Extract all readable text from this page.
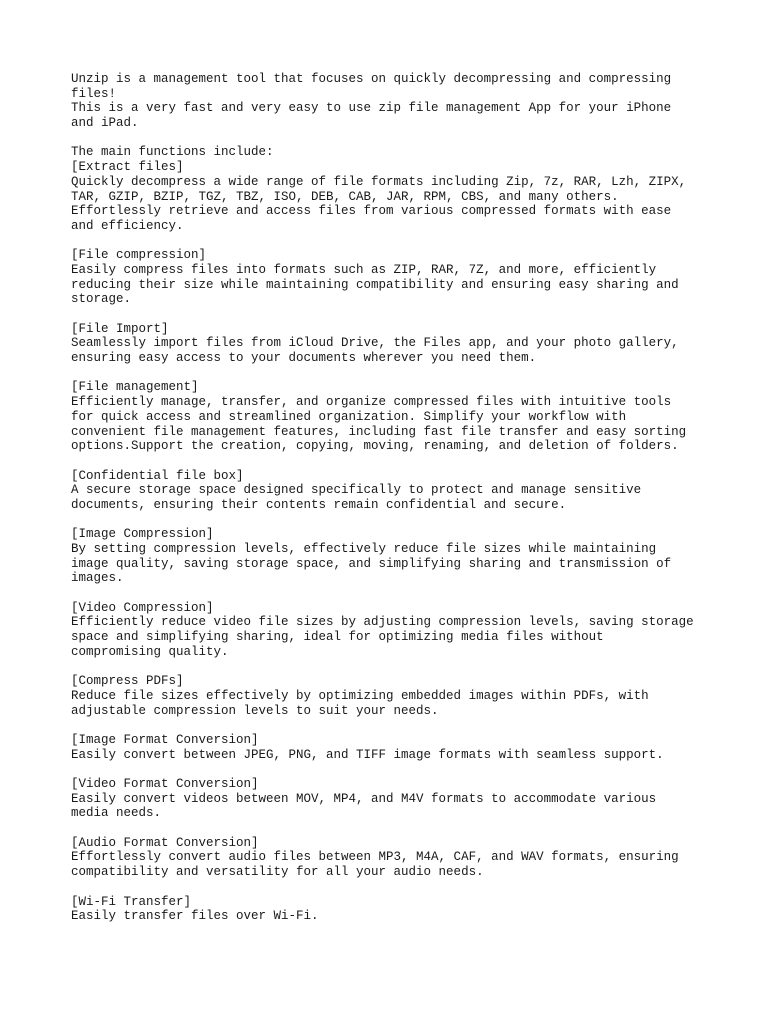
Unzip is a management tool that focuses on quickly decompressing and compressing
files!
This is a very fast and very easy to use zip file management App for your iPhone
and iPad.
The main functions include:
[Extract files]
Quickly decompress a wide range of file formats including Zip, 7z, RAR, Lzh, ZIPX,
TAR, GZIP, BZIP, TGZ, TBZ, ISO, DEB, CAB, JAR, RPM, CBS, and many others.
Effortlessly retrieve and access files from various compressed formats with ease
and efficiency.
[File compression]
Easily compress files into formats such as ZIP, RAR, 7Z, and more, efficiently
reducing their size while maintaining compatibility and ensuring easy sharing and
storage.
[File Import]
Seamlessly import files from iCloud Drive, the Files app, and your photo gallery,
ensuring easy access to your documents wherever you need them.
[File management]
Efficiently manage, transfer, and organize compressed files with intuitive tools
for quick access and streamlined organization. Simplify your workflow with
convenient file management features, including fast file transfer and easy sorting
options.Support the creation, copying, moving, renaming, and deletion of folders.
[Confidential file box]
A secure storage space designed specifically to protect and manage sensitive
documents, ensuring their contents remain confidential and secure.
[Image Compression]
By setting compression levels, effectively reduce file sizes while maintaining
image quality, saving storage space, and simplifying sharing and transmission of
images.
[Video Compression]
Efficiently reduce video file sizes by adjusting compression levels, saving storage
space and simplifying sharing, ideal for optimizing media files without
compromising quality.
[Compress PDFs]
Reduce file sizes effectively by optimizing embedded images within PDFs, with
adjustable compression levels to suit your needs.
[Image Format Conversion]
Easily convert between JPEG, PNG, and TIFF image formats with seamless support.
[Video Format Conversion]
Easily convert videos between MOV, MP4, and M4V formats to accommodate various
media needs.
[Audio Format Conversion]
Effortlessly convert audio files between MP3, M4A, CAF, and WAV formats, ensuring
compatibility and versatility for all your audio needs.
[Wi-Fi Transfer]
Easily transfer files over Wi-Fi.
